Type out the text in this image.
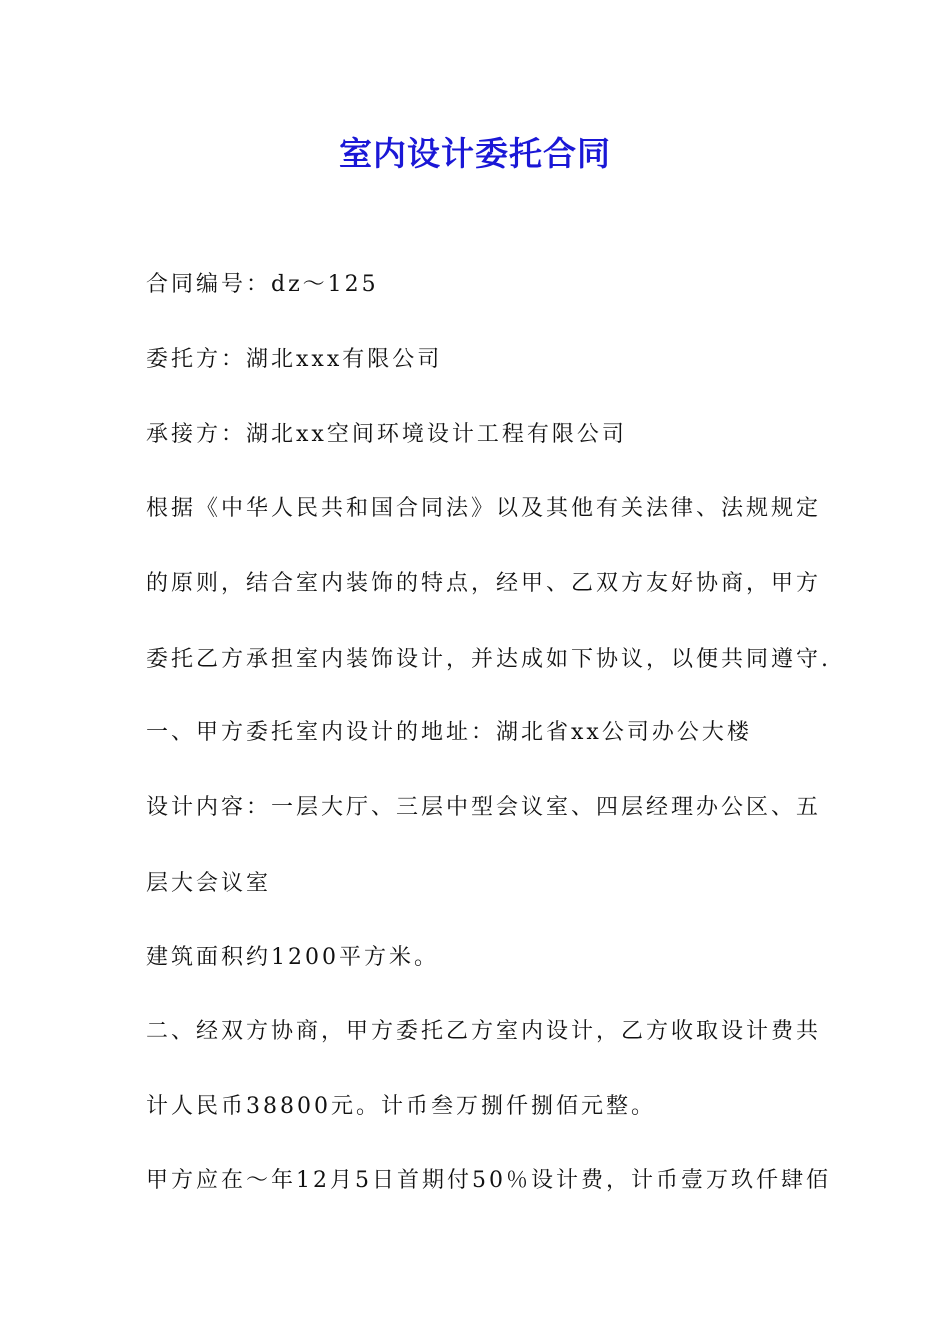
室内设计委托合同

合同编号：dz～125

委托方：湖北xxx有限公司

承接方：湖北xx空间环境设计工程有限公司

根据《中华人民共和国合同法》以及其他有关法律、法规规定

的原则，结合室内装饰的特点，经甲、乙双方友好协商，甲方

委托乙方承担室内装饰设计，并达成如下协议，以便共同遵守.

一、甲方委托室内设计的地址：湖北省xx公司办公大楼

设计内容：一层大厅、三层中型会议室、四层经理办公区、五

层大会议室

建筑面积约1200平方米。

二、经双方协商，甲方委托乙方室内设计，乙方收取设计费共

计人民币38800元。计币叁万捌仟捌佰元整。

甲方应在～年12月5日首期付50％设计费，计币壹万玖仟肆佰
